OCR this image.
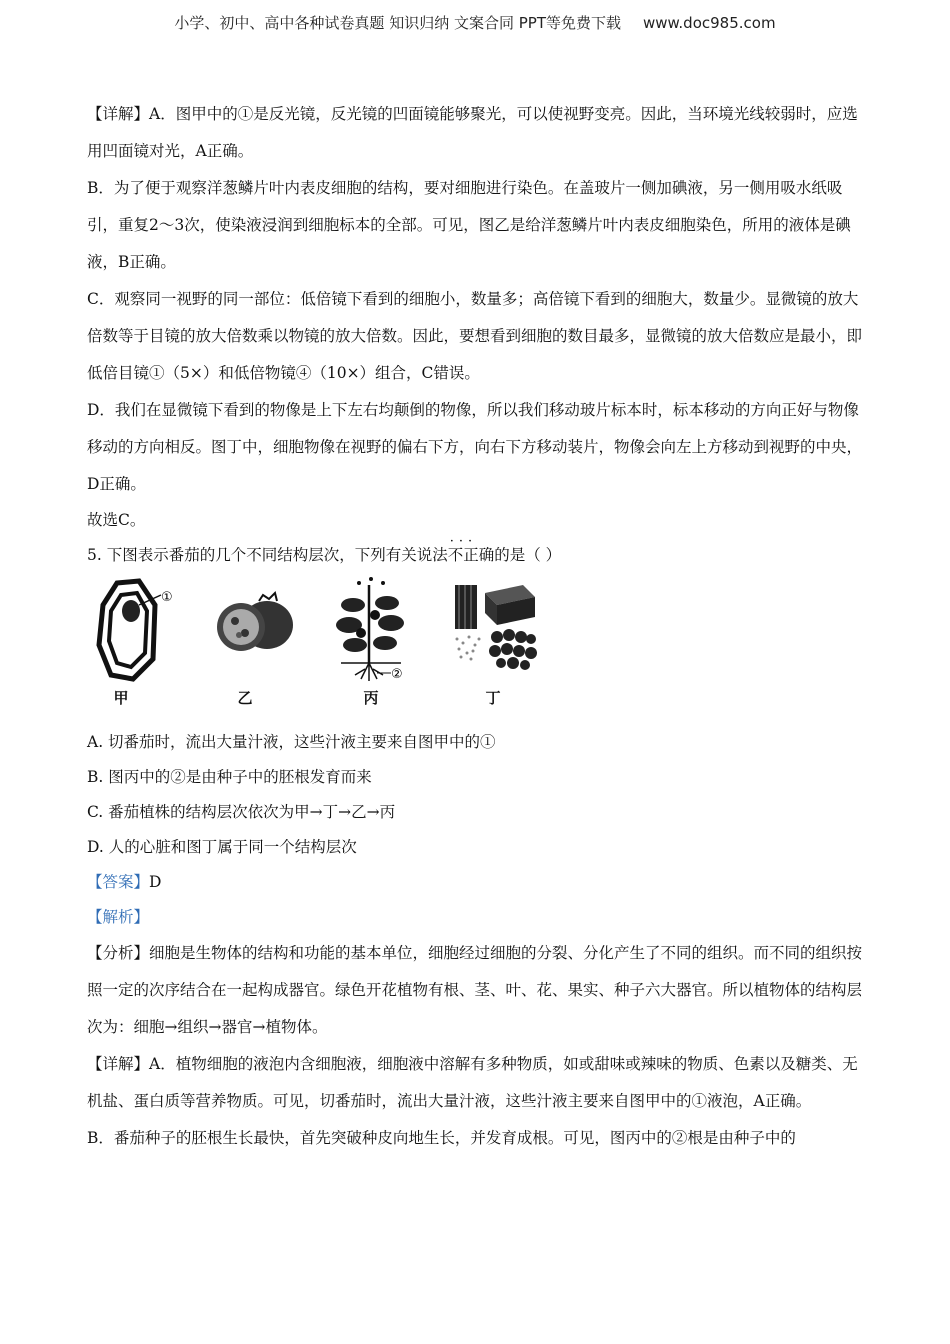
小学、初中、高中各种试卷真题 知识归纳 文案合同 PPT等免费下载 www.doc985.com

【详解】A．图甲中的①是反光镜，反光镜的凹面镜能够聚光，可以使视野变亮。因此，当环境光线较弱时，应选用凹面镜对光，A正确。

B．为了便于观察洋葱鳞片叶内表皮细胞的结构，要对细胞进行染色。在盖玻片一侧加碘液，另一侧用吸水纸吸引，重复2～3次，使染液浸润到细胞标本的全部。可见，图乙是给洋葱鳞片叶内表皮细胞染色，所用的液体是碘液，B正确。

C．观察同一视野的同一部位：低倍镜下看到的细胞小，数量多；高倍镜下看到的细胞大，数量少。显微镜的放大倍数等于目镜的放大倍数乘以物镜的放大倍数。因此，要想看到细胞的数目最多，显微镜的放大倍数应是最小，即低倍目镜①（5×）和低倍物镜④（10×）组合，C错误。

D．我们在显微镜下看到的物像是上下左右均颠倒的物像，所以我们移动玻片标本时，标本移动的方向正好与物像移动的方向相反。图丁中，细胞物像在视野的偏右下方，向右下方移动装片，物像会向左上方移动到视野的中央，D正确。

故选C。

5. 下图表示番茄的几个不同结构层次，下列有关说法··· 不正确的是（ ）

①
甲	乙
②
丙	丁

A. 切番茄时，流出大量汁液，这些汁液主要来自图甲中的①

B. 图丙中的②是由种子中的胚根发育而来

C. 番茄植株的结构层次依次为甲→丁→乙→丙

D. 人的心脏和图丁属于同一个结构层次

【答案】D

【解析】

【分析】细胞是生物体的结构和功能的基本单位，细胞经过细胞的分裂、分化产生了不同的组织。而不同的组织按照一定的次序结合在一起构成器官。绿色开花植物有根、茎、叶、花、果实、种子六大器官。所以植物体的结构层次为：细胞→组织→器官→植物体。

【详解】A．植物细胞的液泡内含细胞液，细胞液中溶解有多种物质，如或甜味或辣味的物质、色素以及糖类、无机盐、蛋白质等营养物质。可见，切番茄时，流出大量汁液，这些汁液主要来自图甲中的①液泡，A正确。

B．番茄种子的胚根生长最快，首先突破种皮向地生长，并发育成根。可见，图丙中的②根是由种子中的
